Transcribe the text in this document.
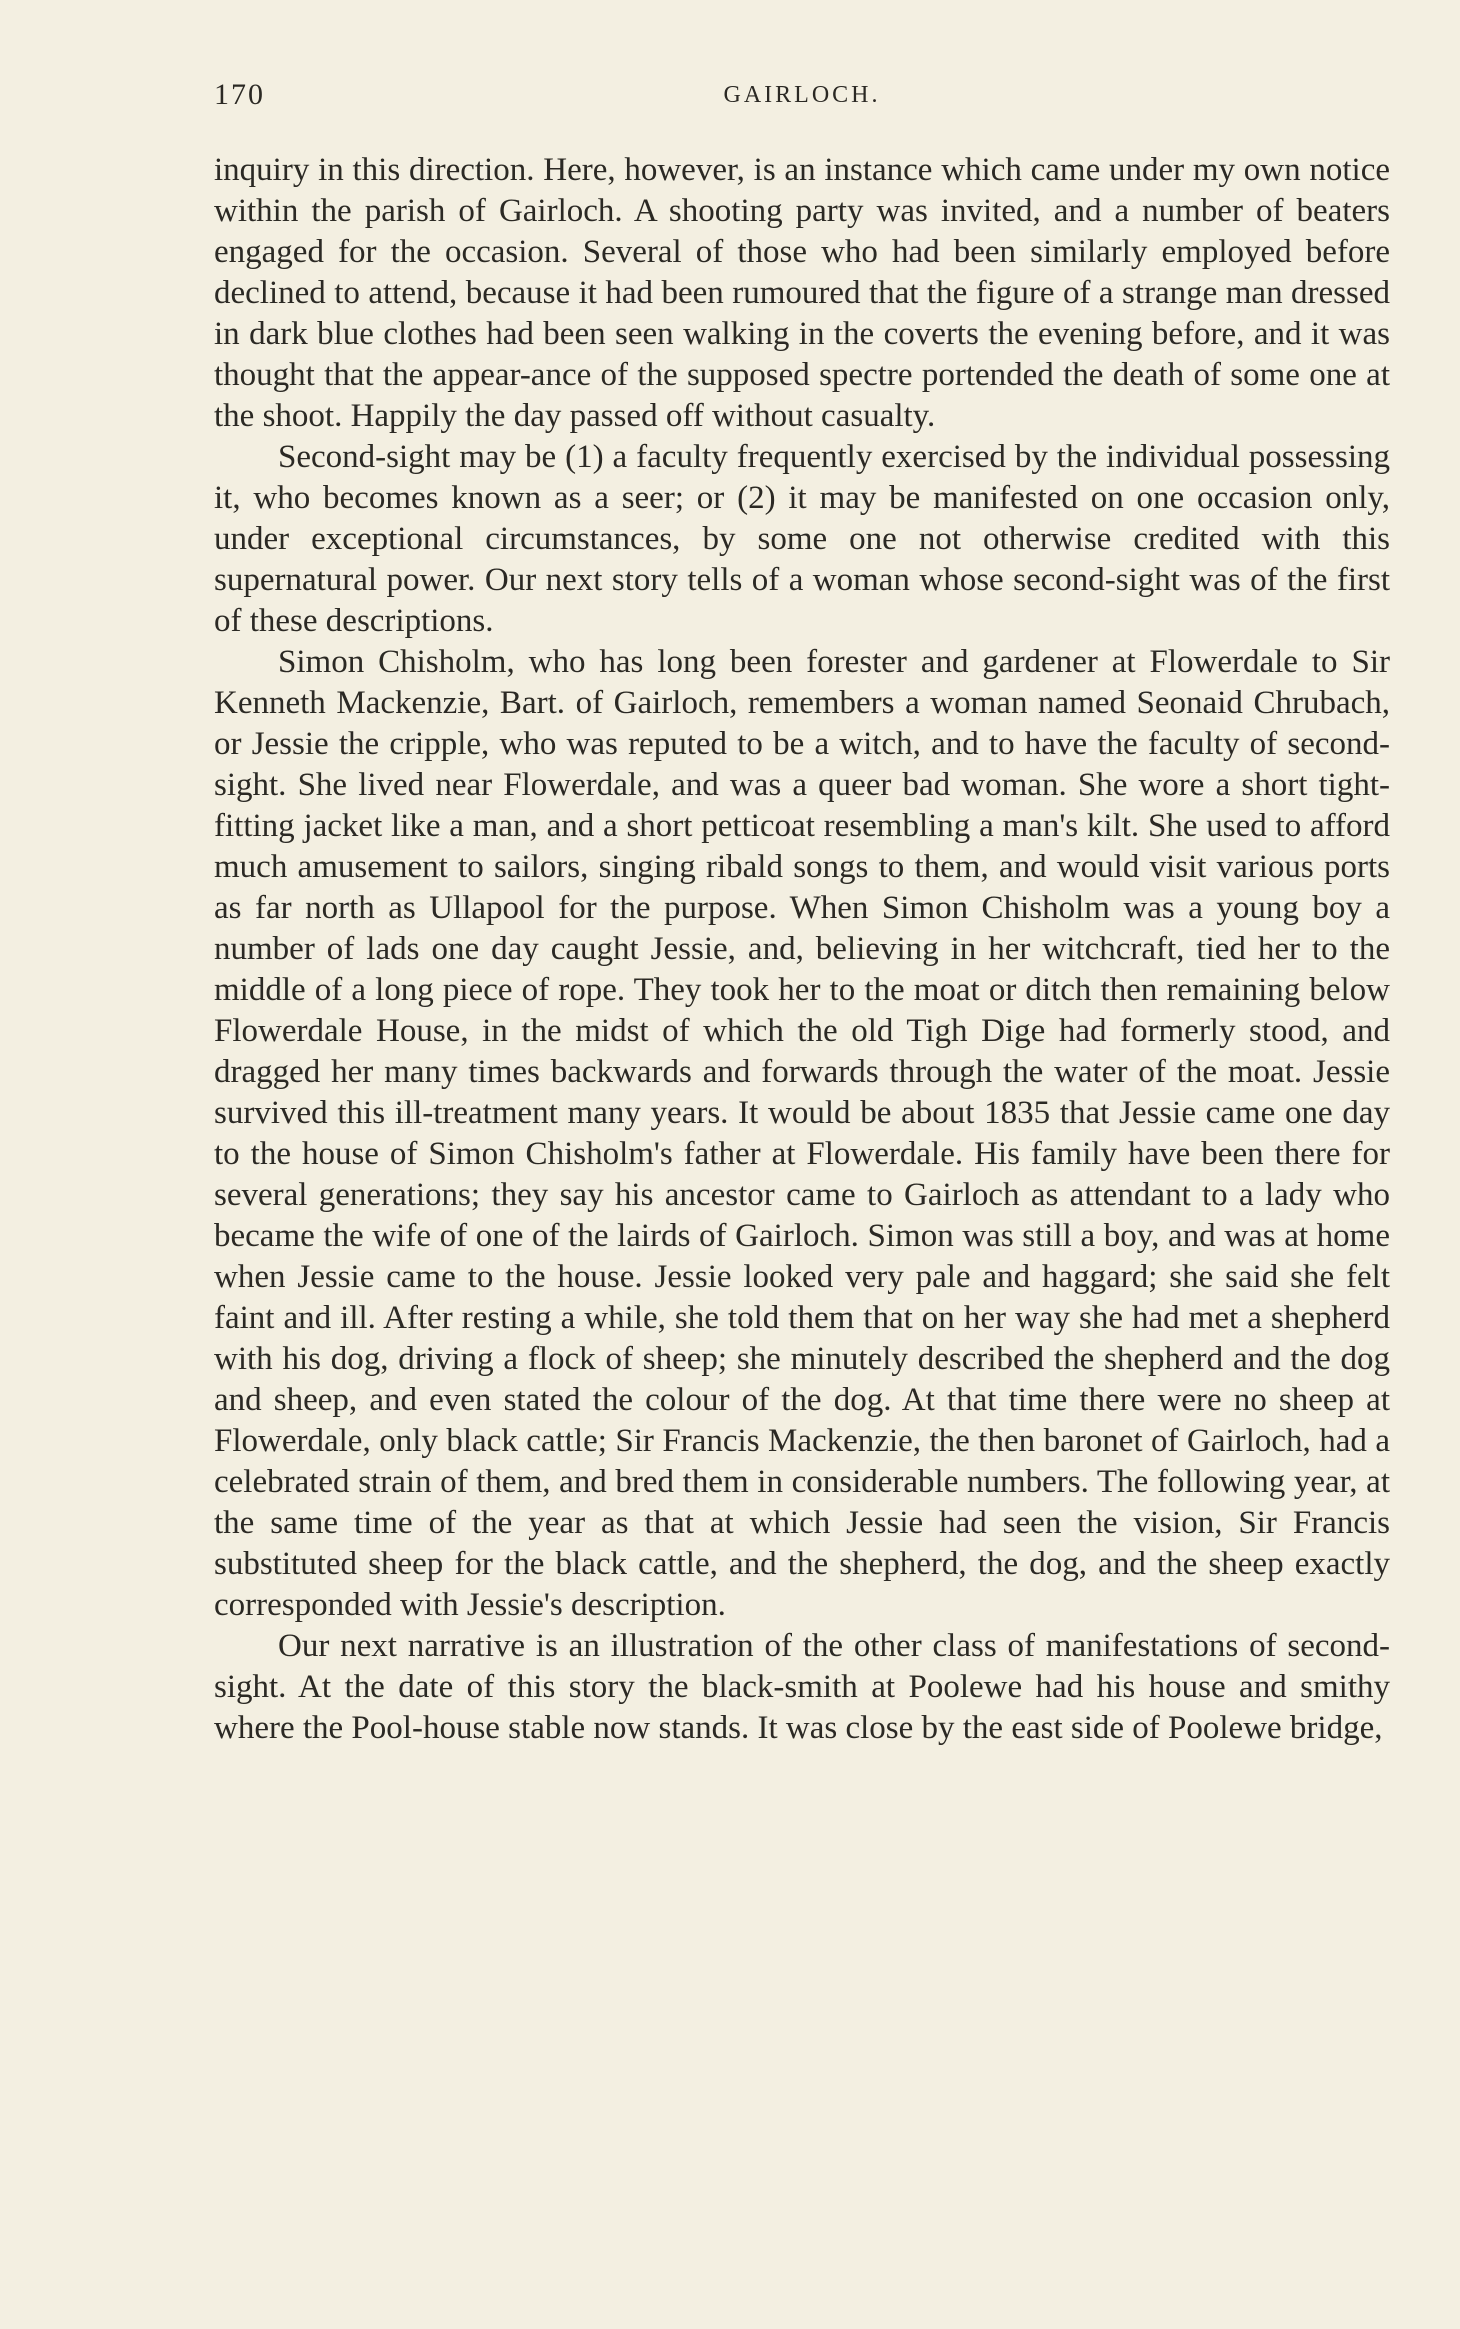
170	GAIRLOCH.

inquiry in this direction. Here, however, is an instance which came under my own notice within the parish of Gairloch. A shooting party was invited, and a number of beaters engaged for the occasion. Several of those who had been similarly employed before declined to attend, because it had been rumoured that the figure of a strange man dressed in dark blue clothes had been seen walking in the coverts the evening before, and it was thought that the appear-ance of the supposed spectre portended the death of some one at the shoot. Happily the day passed off without casualty.

Second-sight may be (1) a faculty frequently exercised by the individual possessing it, who becomes known as a seer; or (2) it may be manifested on one occasion only, under exceptional circumstances, by some one not otherwise credited with this supernatural power. Our next story tells of a woman whose second-sight was of the first of these descriptions.

Simon Chisholm, who has long been forester and gardener at Flowerdale to Sir Kenneth Mackenzie, Bart. of Gairloch, remembers a woman named Seonaid Chrubach, or Jessie the cripple, who was reputed to be a witch, and to have the faculty of second-sight. She lived near Flowerdale, and was a queer bad woman. She wore a short tight-fitting jacket like a man, and a short petticoat resembling a man's kilt. She used to afford much amusement to sailors, singing ribald songs to them, and would visit various ports as far north as Ullapool for the purpose. When Simon Chisholm was a young boy a number of lads one day caught Jessie, and, believing in her witchcraft, tied her to the middle of a long piece of rope. They took her to the moat or ditch then remaining below Flowerdale House, in the midst of which the old Tigh Dige had formerly stood, and dragged her many times backwards and forwards through the water of the moat. Jessie survived this ill-treatment many years. It would be about 1835 that Jessie came one day to the house of Simon Chisholm's father at Flowerdale. His family have been there for several generations; they say his ancestor came to Gairloch as attendant to a lady who became the wife of one of the lairds of Gairloch. Simon was still a boy, and was at home when Jessie came to the house. Jessie looked very pale and haggard; she said she felt faint and ill. After resting a while, she told them that on her way she had met a shepherd with his dog, driving a flock of sheep; she minutely described the shepherd and the dog and sheep, and even stated the colour of the dog. At that time there were no sheep at Flowerdale, only black cattle; Sir Francis Mackenzie, the then baronet of Gairloch, had a celebrated strain of them, and bred them in considerable numbers. The following year, at the same time of the year as that at which Jessie had seen the vision, Sir Francis substituted sheep for the black cattle, and the shepherd, the dog, and the sheep exactly corresponded with Jessie's description.

Our next narrative is an illustration of the other class of manifestations of second-sight. At the date of this story the black-smith at Poolewe had his house and smithy where the Pool-house stable now stands. It was close by the east side of Poolewe bridge,
